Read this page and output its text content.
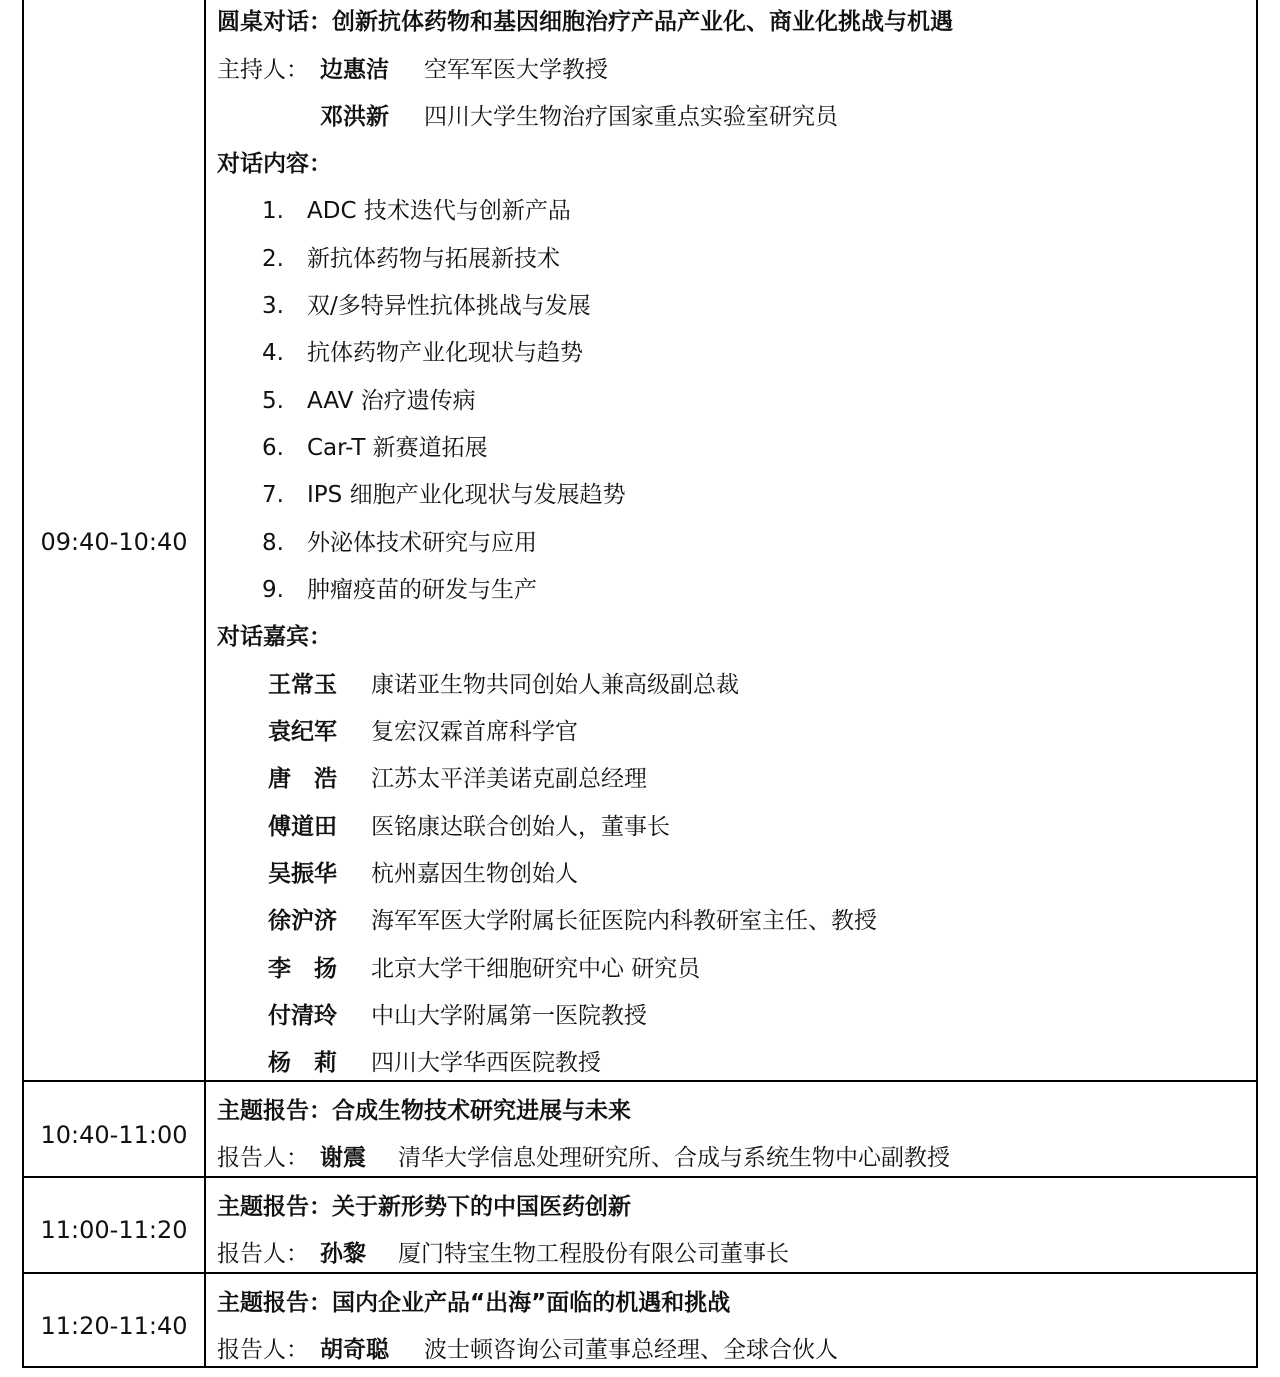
09:40-10:40
圆桌对话：创新抗体药物和基因细胞治疗产品产业化、商业化挑战与机遇
主持人： 边惠洁 空军军医大学教授
邓洪新 四川大学生物治疗国家重点实验室研究员
对话内容：
1. ADC 技术迭代与创新产品
2. 新抗体药物与拓展新技术
3. 双/多特异性抗体挑战与发展
4. 抗体药物产业化现状与趋势
5. AAV 治疗遗传病
6. Car-T 新赛道拓展
7. IPS 细胞产业化现状与发展趋势
8. 外泌体技术研究与应用
9. 肿瘤疫苗的研发与生产
对话嘉宾：
王常玉 康诺亚生物共同创始人兼高级副总裁
袁纪军 复宏汉霖首席科学官
唐　浩 江苏太平洋美诺克副总经理
傅道田 医铭康达联合创始人，董事长
吴振华 杭州嘉因生物创始人
徐沪济 海军军医大学附属长征医院内科教研室主任、教授
李　扬 北京大学干细胞研究中心 研究员
付清玲 中山大学附属第一医院教授
杨　莉 四川大学华西医院教授
10:40-11:00
主题报告：合成生物技术研究进展与未来
报告人： 谢震 清华大学信息处理研究所、合成与系统生物中心副教授
11:00-11:20
主题报告：关于新形势下的中国医药创新
报告人： 孙黎 厦门特宝生物工程股份有限公司董事长
11:20-11:40
主题报告：国内企业产品“出海”面临的机遇和挑战
报告人： 胡奇聪 波士顿咨询公司董事总经理、全球合伙人
